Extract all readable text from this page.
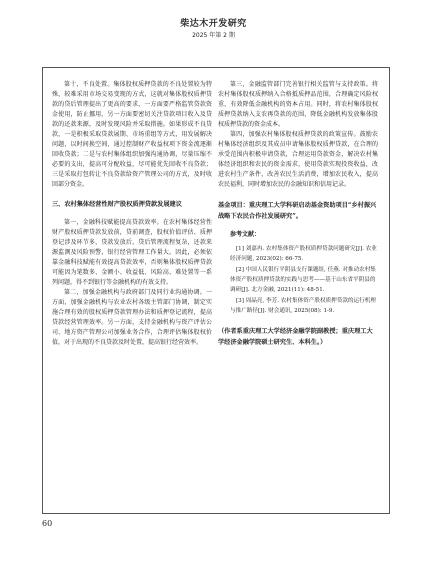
柴达木开发研究
2025 年第 2 期

第十，不良处置。集体股权质押贷款的不良处置较为特殊，较难采用市场交易变现的方式，这就对集体股权质押贷款的贷后管理提出了更高的要求，一方面要严格监管贷款资金使用，防止挪用，另一方面要密切关注贷款项目收入及贷款的还款来源，及时发现风险并采取措施。如果形成不良贷款，一是积极采取贷款展期、市场重组等方式，用发展解决问题，以时间换空间，通过控制财产收益权项下资金流逐渐回收贷款；二是与农村集体组织加强沟通协调，尽量压缩不必要的支出，提高可分配收益，尽可能优先回收不良贷款；三是采取打包转让不良贷款给资产管理公司的方式，及时收回部分资金。

三、农村集体经营性财产股权质押贷款发展建议

第一，金融科技赋能提高贷款效率。在农村集体经营性财产股权质押贷款发放前，贷前调查，股权价值评估、质押登记涉及环节多，贷款发放后，贷后管理流程复杂，还款来源监测及风险预警，银行经营管理工作量大。因此，必须依靠金融科技赋能有效提高贷款效率，否则集体股权质押贷款可能因为笔数多、金额小、收益低、风险高、难处置等一系列问题，得不到银行等金融机构的有效支持。

第二，加强金融机构与政府部门及同行业沟通协调。一方面，加强金融机构与农业农村各级主管部门协调，制定实施合理有效的股权质押贷款管理办法和质押登记流程，提高贷款经营管理效率。另一方面，支持金融机构与资产评估公司、地方资产管理公司加强业务合作，合理评估集体股权价值，对于出现的不良贷款及时处置，提高银行经营效率。

第三，金融监管部门完善银行相关监管与支持政策。将农村集体股权质押纳入合格抵质押品范围，合理确定风险权重，有效降低金融机构的资本占用。同时，将农村集体股权质押贷款纳入支农再贷款的范围，降低金融机构发放集体股权质押贷款的资金成本。

第四，加强农村集体股权质押贷款的政策宣传。鼓励农村集体经济组织及其成员申请集体股权质押贷款，在合理的承受范围内积极申请贷款，合理运用贷款资金，解决农村集体经济组织和农民的资金需求，使用贷款实现投资收益，改进农村生产条件，改善农民生活消费，增加农民收入，提高农民福利，同时增加农民的金融知识和信用记录。

基金项目：重庆理工大学科研启动基金资助项目“乡村振兴战略下农民合作社发展研究”。
参考文献：
[1] 刘嘉冉. 农村集体资产股权质押贷款问题研究[J]. 农业经济问题, 2023(02): 66-75.
[2] 中国人民银行平阴县支行课题组, 任燕. 对推动农村集体资产股权质押贷款的实践与思考——基于山东省平阴县的调研[J]. 北方金融, 2021(11): 48-51.
[3] 周晶亮, 李芳. 农村集体资产股权质押贷款的运行机理与推广路径[J]. 财会通讯, 2025(08): 1-9.
（作者系重庆理工大学经济金融学院副教授；重庆理工大学经济金融学院硕士研究生、本科生。）
60
